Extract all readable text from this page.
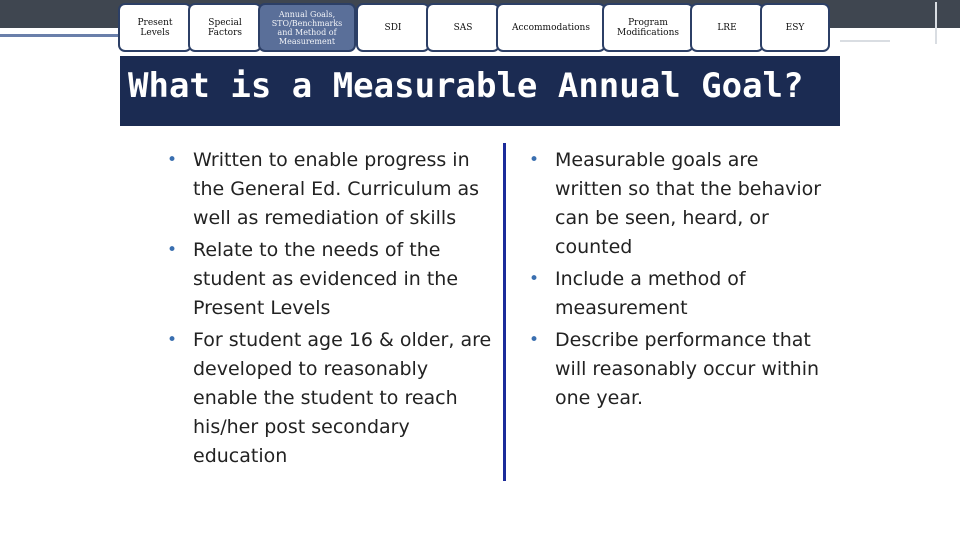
Present Levels
Special Factors
Annual Goals, STO/Benchmarks and Method of Measurement
SDI	SAS	Accommodations	Program Modifications	LRE	ESY
What is a Measurable Annual Goal?
• Written to enable progress in the General Ed. Curriculum as well as remediation of skills
• Relate to the needs of the student as evidenced in the Present Levels
• For student age 16 & older, are developed to reasonably enable the student to reach his/her post secondary education
• Measurable goals are written so that the behavior can be seen, heard, or counted
• Include a method of measurement
• Describe performance that will reasonably occur within one year.
